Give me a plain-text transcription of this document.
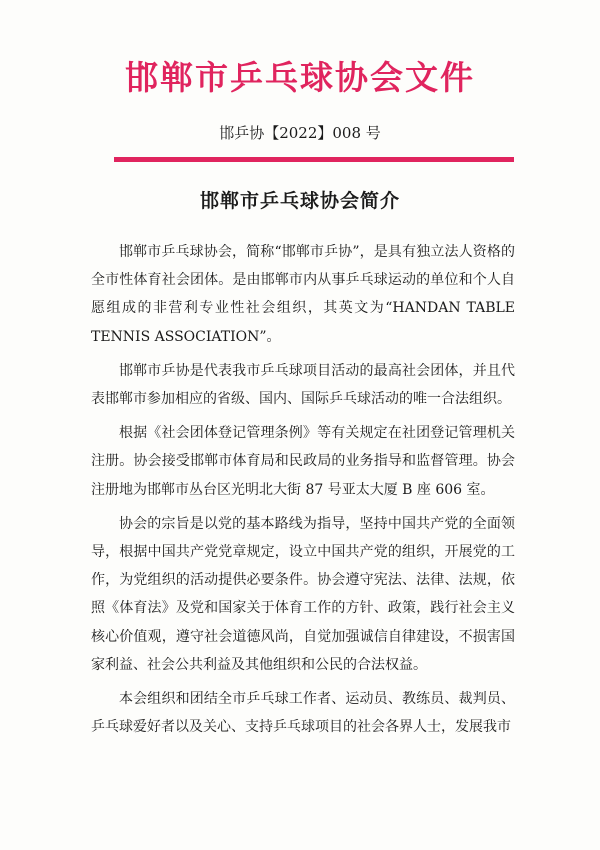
邯郸市乒乓球协会文件
邯乒协【2022】008 号
邯郸市乒乓球协会简介

邯郸市乒乓球协会，简称“邯郸市乒协”，是具有独立法人资格的全市性体育社会团体。是由邯郸市内从事乒乓球运动的单位和个人自愿组成的非营利专业性社会组织，其英文为“HANDAN TABLE TENNIS ASSOCIATION”。

邯郸市乒协是代表我市乒乓球项目活动的最高社会团体，并且代表邯郸市参加相应的省级、国内、国际乒乓球活动的唯一合法组织。

根据《社会团体登记管理条例》等有关规定在社团登记管理机关注册。协会接受邯郸市体育局和民政局的业务指导和监督管理。协会注册地为邯郸市丛台区光明北大街 87 号亚太大厦 B 座 606 室。

协会的宗旨是以党的基本路线为指导，坚持中国共产党的全面领导，根据中国共产党党章规定，设立中国共产党的组织，开展党的工作，为党组织的活动提供必要条件。协会遵守宪法、法律、法规，依照《体育法》及党和国家关于体育工作的方针、政策，践行社会主义核心价值观，遵守社会道德风尚，自觉加强诚信自律建设，不损害国家利益、社会公共利益及其他组织和公民的合法权益。

本会组织和团结全市乒乓球工作者、运动员、教练员、裁判员、乒乓球爱好者以及关心、支持乒乓球项目的社会各界人士，发展我市
